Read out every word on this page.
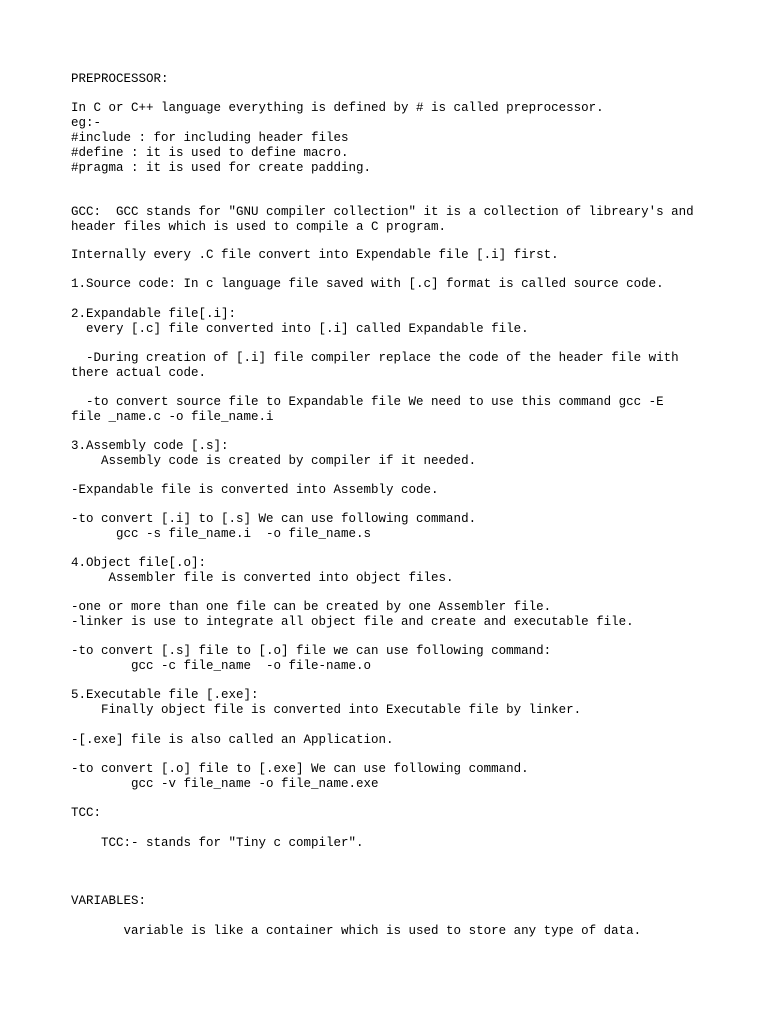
PREPROCESSOR:

In C or C++ language everything is defined by # is called preprocessor.

eg:-

#include : for including header files

#define : it is used to define macro.

#pragma : it is used for create padding.

GCC:  GCC stands for "GNU compiler collection" it is a collection of libreary's and

header files which is used to compile a C program.

Internally every .C file convert into Expendable file [.i] first.

1.Source code: In c language file saved with [.c] format is called source code.

2.Expandable file[.i]:

every [.c] file converted into [.i] called Expandable file.

-During creation of [.i] file compiler replace the code of the header file with

there actual code.

-to convert source file to Expandable file We need to use this command gcc -E

file _name.c -o file_name.i

3.Assembly code [.s]:

Assembly code is created by compiler if it needed.

-Expandable file is converted into Assembly code.

-to convert [.i] to [.s] We can use following command.

gcc -s file_name.i  -o file_name.s

4.Object file[.o]:

Assembler file is converted into object files.

-one or more than one file can be created by one Assembler file.

-linker is use to integrate all object file and create and executable file.

-to convert [.s] file to [.o] file we can use following command:

gcc -c file_name  -o file-name.o

5.Executable file [.exe]:

Finally object file is converted into Executable file by linker.

-[.exe] file is also called an Application.

-to convert [.o] file to [.exe] We can use following command.

gcc -v file_name -o file_name.exe

TCC:

TCC:- stands for "Tiny c compiler".

VARIABLES:

variable is like a container which is used to store any type of data.
